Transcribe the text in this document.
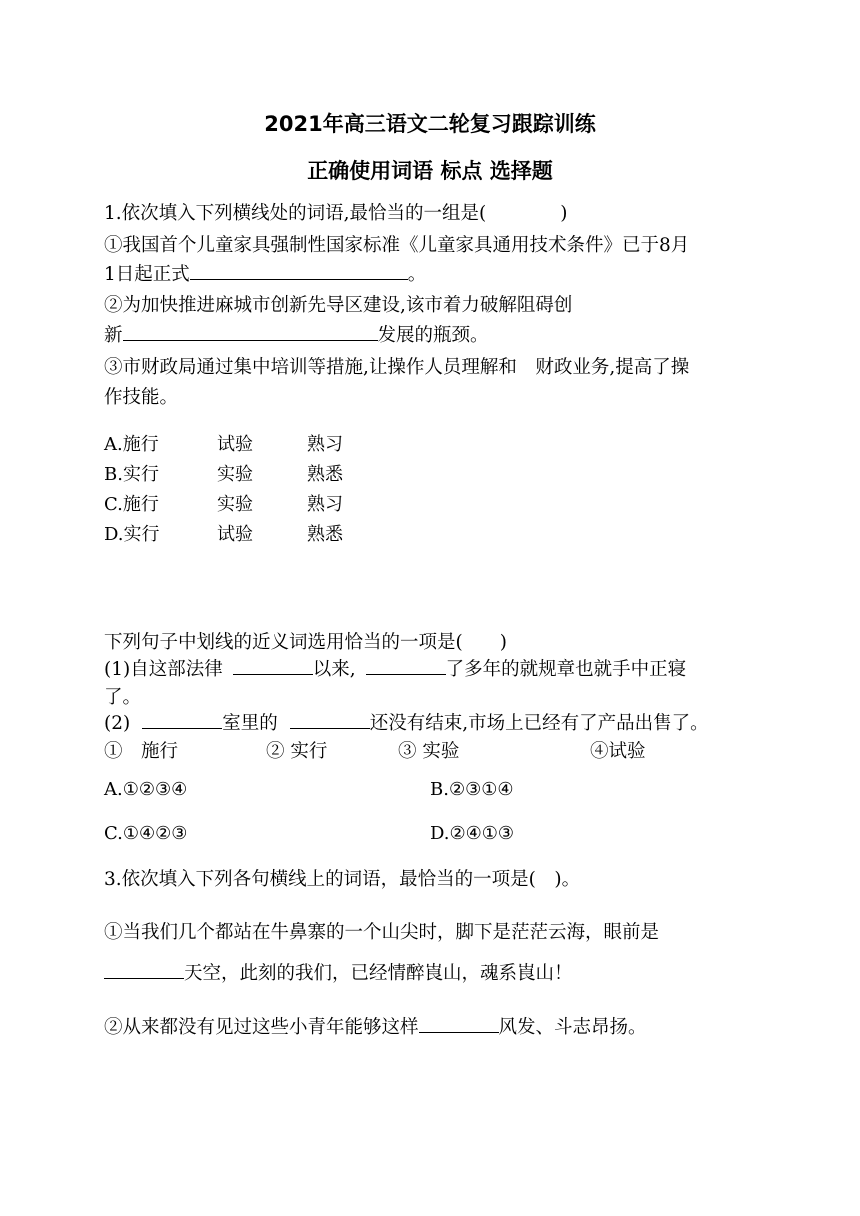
2021年高三语文二轮复习跟踪训练
正确使用词语 标点 选择题
1.依次填入下列横线处的词语,最恰当的一组是(　　　　)
①我国首个儿童家具强制性国家标准《儿童家具通用技术条件》已于8月
1日起正式	。
②为加快推进麻城市创新先导区建设,该市着力破解阻碍创
新	发展的瓶颈。
③市财政局通过集中培训等措施,让操作人员理解和　财政业务,提高了操
作技能。
A.施行	试验	熟习
B.实行	实验	熟悉
C.施行	实验	熟习
D.实行	试验	熟悉
下列句子中划线的近义词选用恰当的一项是(　　)
(1)自这部法律	以来,	了多年的就规章也就手中正寝
了。
(2)	室里的	还没有结束,市场上已经有了产品出售了。
①　施行	② 实行	③ 实验	④试验
A.①②③④	B.②③①④
C.①④②③	D.②④①③
3.依次填入下列各句横线上的词语，最恰当的一项是(　)。
①当我们几个都站在牛鼻寨的一个山尖时，脚下是茫茫云海，眼前是
天空，此刻的我们，已经情醉崀山，魂系崀山！
②从来都没有见过这些小青年能够这样	风发、斗志昂扬。
